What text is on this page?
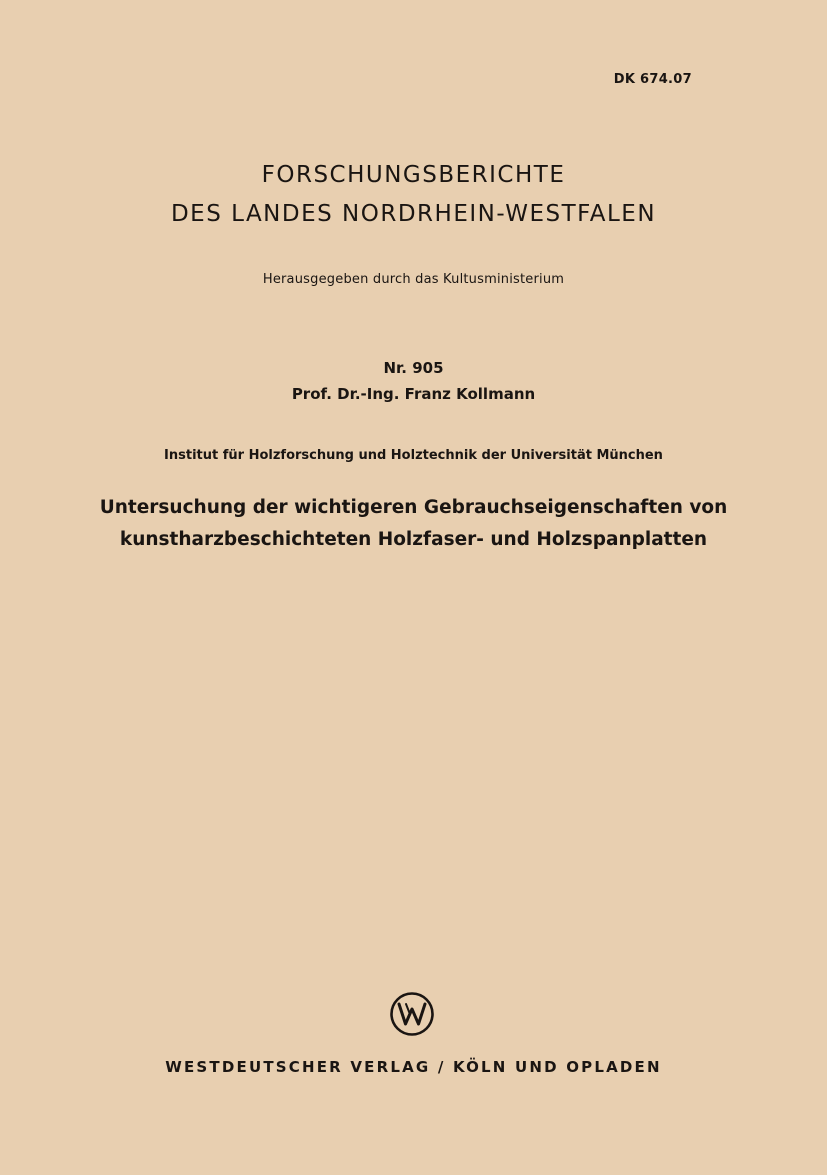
DK 674.07
FORSCHUNGSBERICHTE
DES LANDES NORDRHEIN-WESTFALEN
Herausgegeben durch das Kultusministerium
Nr. 905
Prof. Dr.-Ing. Franz Kollmann
Institut für Holzforschung und Holztechnik der Universität München
Untersuchung der wichtigeren Gebrauchseigenschaften von
kunstharzbeschichteten Holzfaser- und Holzspanplatten
WESTDEUTSCHER VERLAG / KÖLN UND OPLADEN
